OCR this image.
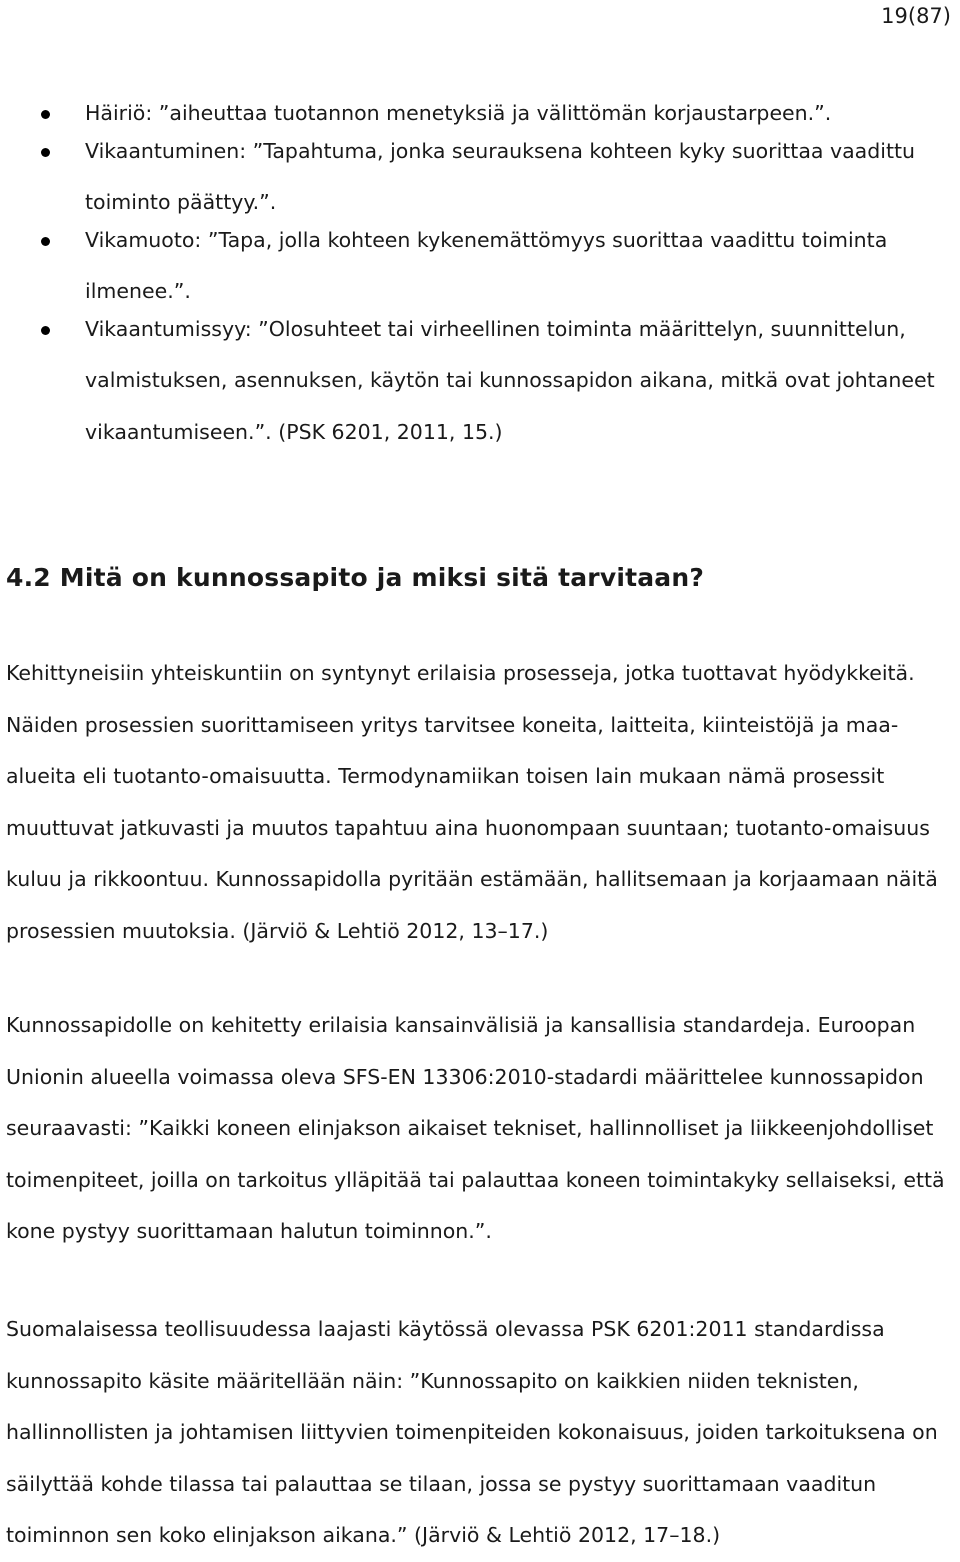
19(87)
Häiriö: ”aiheuttaa tuotannon menetyksiä ja välittömän korjaustarpeen.”.
Vikaantuminen: ”Tapahtuma, jonka seurauksena kohteen kyky suorittaa vaadittu toiminto päättyy.”.
Vikamuoto: ”Tapa, jolla kohteen kykenemättömyys suorittaa vaadittu toiminta ilmenee.”.
Vikaantumissyy: ”Olosuhteet tai virheellinen toiminta määrittelyn, suunnittelun, valmistuksen, asennuksen, käytön tai kunnossapidon aikana, mitkä ovat johtaneet vikaantumiseen.”. (PSK 6201, 2011, 15.)
4.2 Mitä on kunnossapito ja miksi sitä tarvitaan?

Kehittyneisiin yhteiskuntiin on syntynyt erilaisia prosesseja, jotka tuottavat hyödykkeitä. Näiden prosessien suorittamiseen yritys tarvitsee koneita, laitteita, kiinteistöjä ja maa-alueita eli tuotanto-omaisuutta. Termodynamiikan toisen lain mukaan nämä prosessit muuttuvat jatkuvasti ja muutos tapahtuu aina huonompaan suuntaan; tuotanto-omaisuus kuluu ja rikkoontuu. Kunnossapidolla pyritään estämään, hallitsemaan ja korjaamaan näitä prosessien muutoksia. (Järviö & Lehtiö 2012, 13–17.)

Kunnossapidolle on kehitetty erilaisia kansainvälisiä ja kansallisia standardeja. Euroopan Unionin alueella voimassa oleva SFS-EN 13306:2010-stadardi määrittelee kunnossapidon seuraavasti: ”Kaikki koneen elinjakson aikaiset tekniset, hallinnolliset ja liikkeenjohdolliset toimenpiteet, joilla on tarkoitus ylläpitää tai palauttaa koneen toimintakyky sellaiseksi, että kone pystyy suorittamaan halutun toiminnon.”.

Suomalaisessa teollisuudessa laajasti käytössä olevassa PSK 6201:2011 standardissa kunnossapito käsite määritellään näin: ”Kunnossapito on kaikkien niiden teknisten, hallinnollisten ja johtamisen liittyvien toimenpiteiden kokonaisuus, joiden tarkoituksena on säilyttää kohde tilassa tai palauttaa se tilaan, jossa se pystyy suorittamaan vaaditun toiminnon sen koko elinjakson aikana.” (Järviö & Lehtiö 2012, 17–18.)
